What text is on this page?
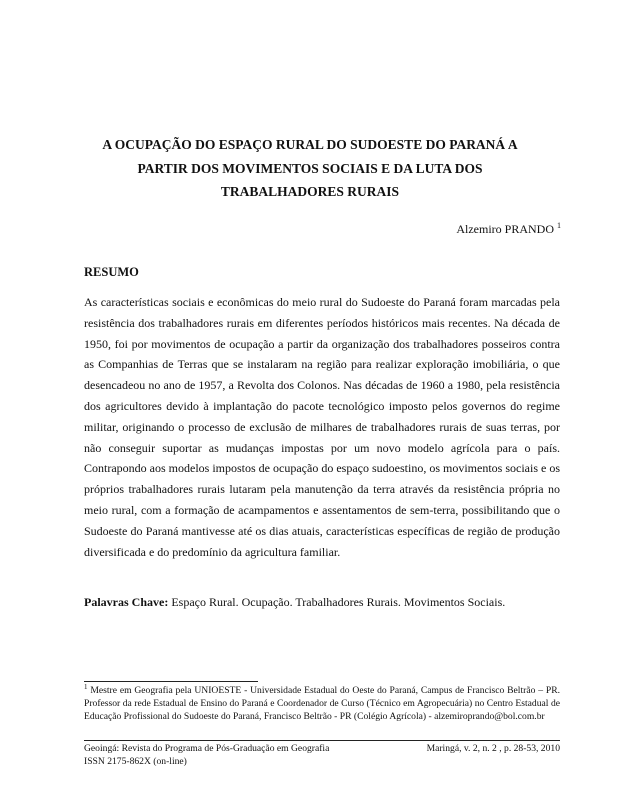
A OCUPAÇÃO DO ESPAÇO RURAL DO SUDOESTE DO PARANÁ A
PARTIR DOS MOVIMENTOS SOCIAIS E DA LUTA DOS
TRABALHADORES RURAIS
Alzemiro PRANDO $^1$
RESUMO

As características sociais e econômicas do meio rural do Sudoeste do Paraná foram marcadas pela resistência dos trabalhadores rurais em diferentes períodos históricos mais recentes. Na década de 1950, foi por movimentos de ocupação a partir da organização dos trabalhadores posseiros contra as Companhias de Terras que se instalaram na região para realizar exploração imobiliária, o que desencadeou no ano de 1957, a Revolta dos Colonos. Nas décadas de 1960 a 1980, pela resistência dos agricultores devido à implantação do pacote tecnológico imposto pelos governos do regime militar, originando o processo de exclusão de milhares de trabalhadores rurais de suas terras, por não conseguir suportar as mudanças impostas por um novo modelo agrícola para o país. Contrapondo aos modelos impostos de ocupação do espaço sudoestino, os movimentos sociais e os próprios trabalhadores rurais lutaram pela manutenção da terra através da resistência própria no meio rural, com a formação de acampamentos e assentamentos de sem-terra, possibilitando que o Sudoeste do Paraná mantivesse até os dias atuais, características específicas de região de produção diversificada e do predomínio da agricultura familiar.

Palavras Chave: Espaço Rural. Ocupação. Trabalhadores Rurais. Movimentos Sociais.

$^1$ Mestre em Geografia pela UNIOESTE - Universidade Estadual do Oeste do Paraná, Campus de Francisco Beltrão – PR. Professor da rede Estadual de Ensino do Paraná e Coordenador de Curso (Técnico em Agropecuária) no Centro Estadual de Educação Profissional do Sudoeste do Paraná, Francisco Beltrão - PR (Colégio Agrícola) - alzemiroprando@bol.com.br

Geoingá: Revista do Programa de Pós-Graduação em Geografia
ISSN 2175-862X (on-line)
Maringá, v. 2, n. 2 , p. 28-53, 2010
